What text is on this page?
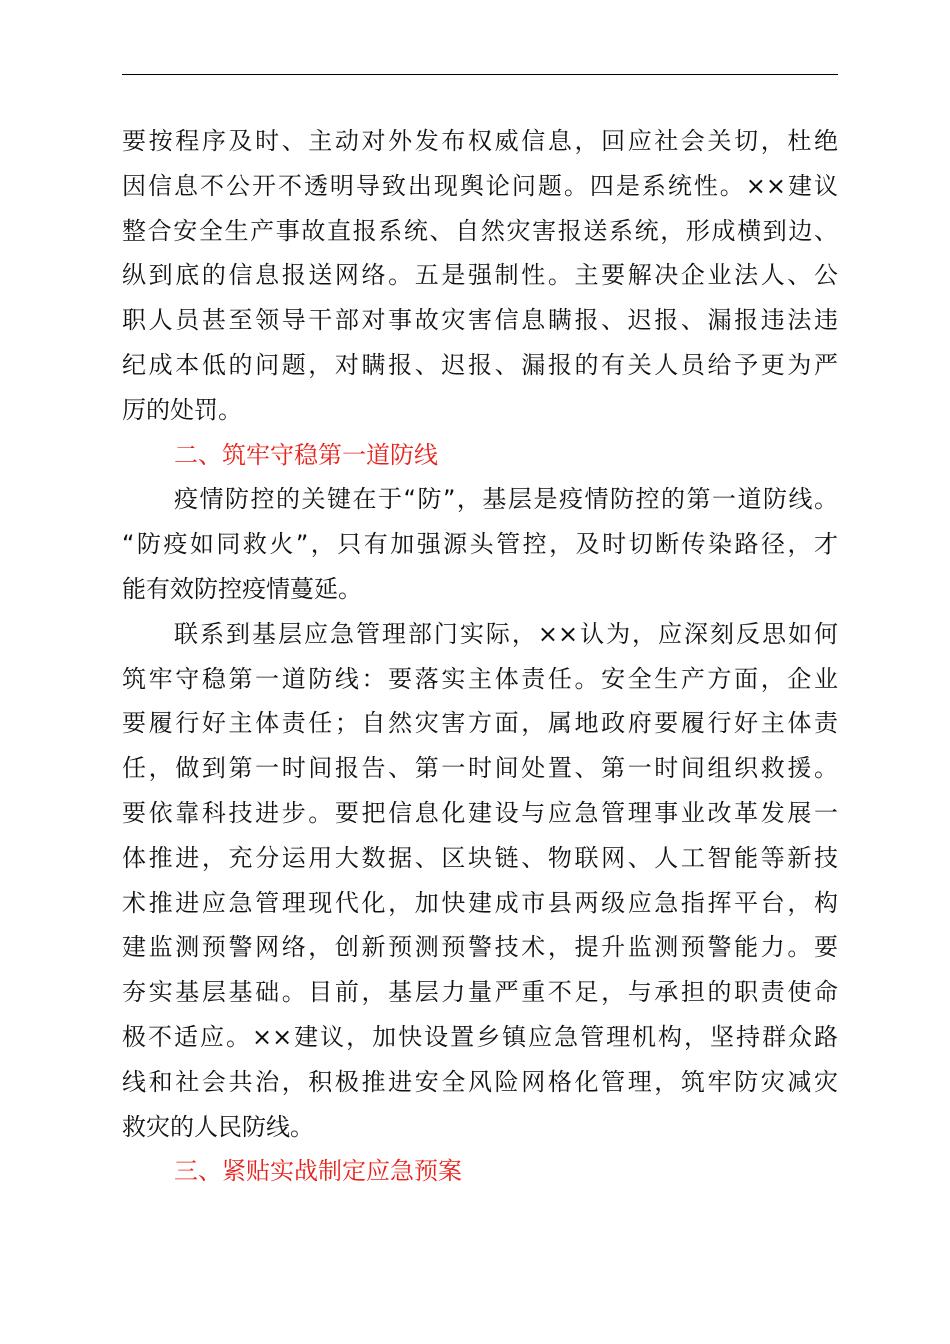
要按程序及时、主动对外发布权威信息，回应社会关切，杜绝
因信息不公开不透明导致出现舆论问题。四是系统性。××建议
整合安全生产事故直报系统、自然灾害报送系统，形成横到边、
纵到底的信息报送网络。五是强制性。主要解决企业法人、公
职人员甚至领导干部对事故灾害信息瞒报、迟报、漏报违法违
纪成本低的问题，对瞒报、迟报、漏报的有关人员给予更为严
厉的处罚。
二、筑牢守稳第一道防线
疫情防控的关键在于“防”，基层是疫情防控的第一道防线。
“防疫如同救火”，只有加强源头管控，及时切断传染路径，才
能有效防控疫情蔓延。
联系到基层应急管理部门实际，××认为，应深刻反思如何
筑牢守稳第一道防线：要落实主体责任。安全生产方面，企业
要履行好主体责任；自然灾害方面，属地政府要履行好主体责
任，做到第一时间报告、第一时间处置、第一时间组织救援。
要依靠科技进步。要把信息化建设与应急管理事业改革发展一
体推进，充分运用大数据、区块链、物联网、人工智能等新技
术推进应急管理现代化，加快建成市县两级应急指挥平台，构
建监测预警网络，创新预测预警技术，提升监测预警能力。要
夯实基层基础。目前，基层力量严重不足，与承担的职责使命
极不适应。××建议，加快设置乡镇应急管理机构，坚持群众路
线和社会共治，积极推进安全风险网格化管理，筑牢防灾减灾
救灾的人民防线。
三、紧贴实战制定应急预案
